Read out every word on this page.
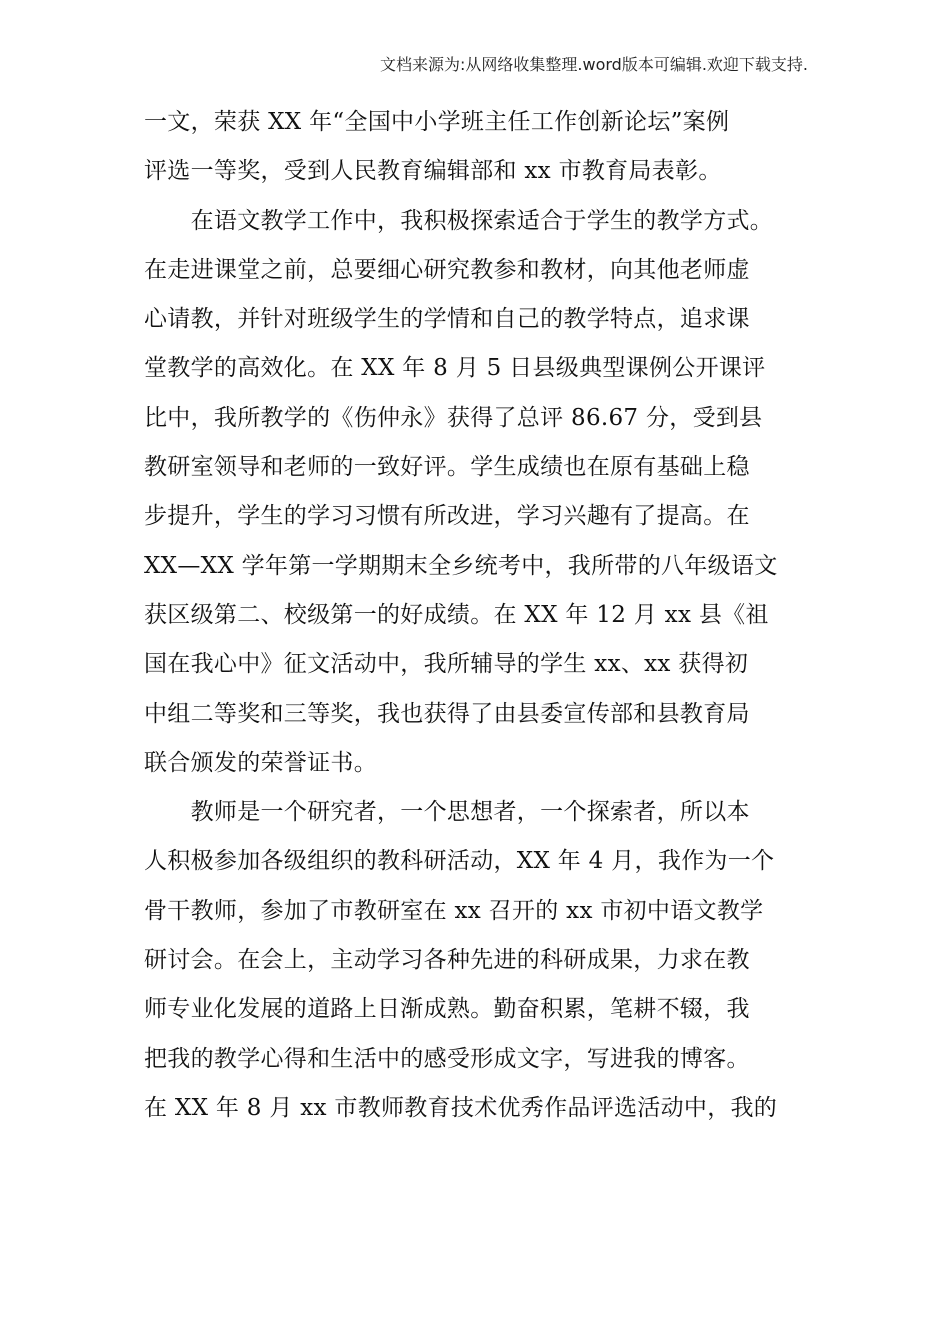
文档来源为:从网络收集整理.word版本可编辑.欢迎下载支持.
一文，荣获 XX 年“全国中小学班主任工作创新论坛”案例
评选一等奖，受到人民教育编辑部和 xx 市教育局表彰。
　　在语文教学工作中，我积极探索适合于学生的教学方式。
在走进课堂之前，总要细心研究教参和教材，向其他老师虚
心请教，并针对班级学生的学情和自己的教学特点，追求课
堂教学的高效化。在 XX 年 8 月 5 日县级典型课例公开课评
比中，我所教学的《伤仲永》获得了总评 86.67 分，受到县
教研室领导和老师的一致好评。学生成绩也在原有基础上稳
步提升，学生的学习习惯有所改进，学习兴趣有了提高。在
XX—XX 学年第一学期期末全乡统考中，我所带的八年级语文
获区级第二、校级第一的好成绩。在 XX 年 12 月 xx 县《祖
国在我心中》征文活动中，我所辅导的学生 xx、xx 获得初
中组二等奖和三等奖，我也获得了由县委宣传部和县教育局
联合颁发的荣誉证书。
　　教师是一个研究者，一个思想者，一个探索者，所以本
人积极参加各级组织的教科研活动，XX 年 4 月，我作为一个
骨干教师，参加了市教研室在 xx 召开的 xx 市初中语文教学
研讨会。在会上，主动学习各种先进的科研成果，力求在教
师专业化发展的道路上日渐成熟。勤奋积累，笔耕不辍，我
把我的教学心得和生活中的感受形成文字，写进我的博客。
在 XX 年 8 月 xx 市教师教育技术优秀作品评选活动中，我的
